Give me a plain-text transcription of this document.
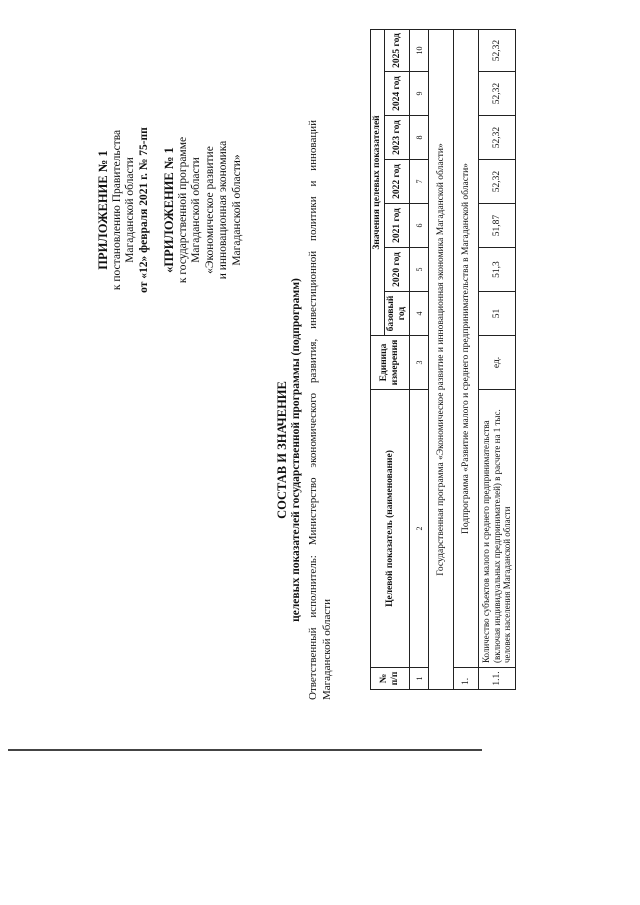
ПРИЛОЖЕНИЕ № 1 к постановлению Правительства Магаданской области от «12» февраля 2021 г. № 75-пп «ПРИЛОЖЕНИЕ № 1 к государственной программе Магаданской области «Экономическое развитие и инновационная экономика Магаданской области»
СОСТАВ И ЗНАЧЕНИЕ целевых показателей государственной программы (подпрограмм) Ответственный исполнитель: Министерство экономического развития, инвестиционной политики и инноваций Магаданской области	№ п/п	Целевой показатель (наименование)	Единица измерения	Значения целевых показателей						
			базовый год	2020 год	2021 год	2022 год	2023 год	2024 год	2025 год
1	2	3	4	5	6	7	8	9	10
Государственная программа «Экономическое развитие и инновационная экономика Магаданской области»									
1.	Подпрограмма «Развитие малого и среднего предпринимательства в Магаданской области»								
1.1.	Количество субъектов малого и среднего предпринимательства (включая индивидуальных предпринимателей) в расчете на 1 тыс. человек населения Магаданской области	ед.	51	51,3	51,87	52,32	52,32	52,32	52,32
